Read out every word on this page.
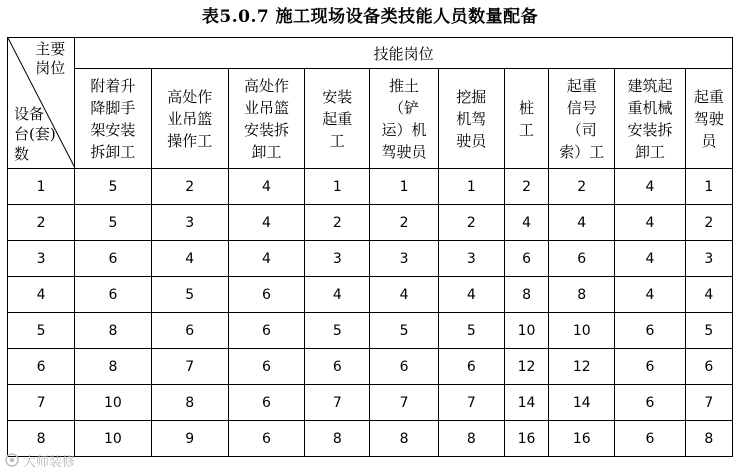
表5.0.7 施工现场设备类技能人员数量配备
主要
岗位
设备
台(套)
数	技能岗位									
	附着升
降脚手
架安装
拆卸工	高处作
业吊篮
操作工	高处作
业吊篮
安装拆
卸工	安装
起重
工	推土
（铲
运）机
驾驶员	挖掘
机驾
驶员	桩
工	起重
信号
（司
索）工	建筑起
重机械
安装拆
卸工	起重
驾驶
员
1	5	2	4	1	1	1	2	2	4	1
2	5	3	4	2	2	2	4	4	4	2
3	6	4	4	3	3	3	6	6	4	3
4	6	5	6	4	4	4	8	8	4	4
5	8	6	6	5	5	5	10	10	6	5
6	8	7	6	6	6	6	12	12	6	6
7	10	8	6	7	7	7	14	14	6	7
8	10	9	6	8	8	8	16	16	6	8
大师装修
